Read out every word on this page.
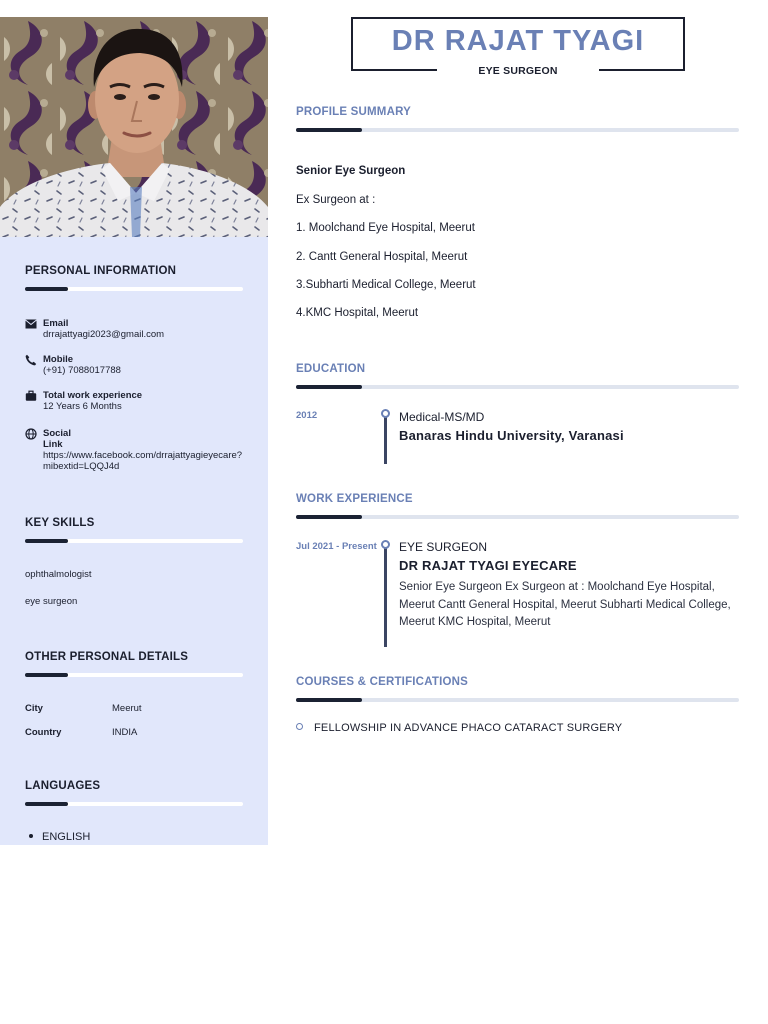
PERSONAL INFORMATION
Email
drrajattyagi2023@gmail.com
Mobile
(+91) 7088017788
Total work experience
12 Years 6 Months
Social Link
https://www.facebook.com/drrajattyagieyecare?mibextid=LQQJ4d
KEY SKILLS
ophthalmologist
eye surgeon
OTHER PERSONAL DETAILS
City	Meerut
Country	INDIA
LANGUAGES
ENGLISH
DR RAJAT TYAGI
EYE SURGEON
PROFILE SUMMARY
Senior Eye Surgeon
Ex Surgeon at :
1. Moolchand Eye Hospital, Meerut
2. Cantt General Hospital, Meerut
3.Subharti Medical College, Meerut
4.KMC Hospital, Meerut
EDUCATION
2012	Medical-MS/MD
Banaras Hindu University, Varanasi
WORK EXPERIENCE
Jul 2021 - Present	EYE SURGEON
DR RAJAT TYAGI EYECARE
Senior Eye Surgeon Ex Surgeon at : Moolchand Eye Hospital, Meerut Cantt General Hospital, Meerut Subharti Medical College, Meerut KMC Hospital, Meerut
COURSES & CERTIFICATIONS
FELLOWSHIP IN ADVANCE PHACO CATARACT SURGERY
